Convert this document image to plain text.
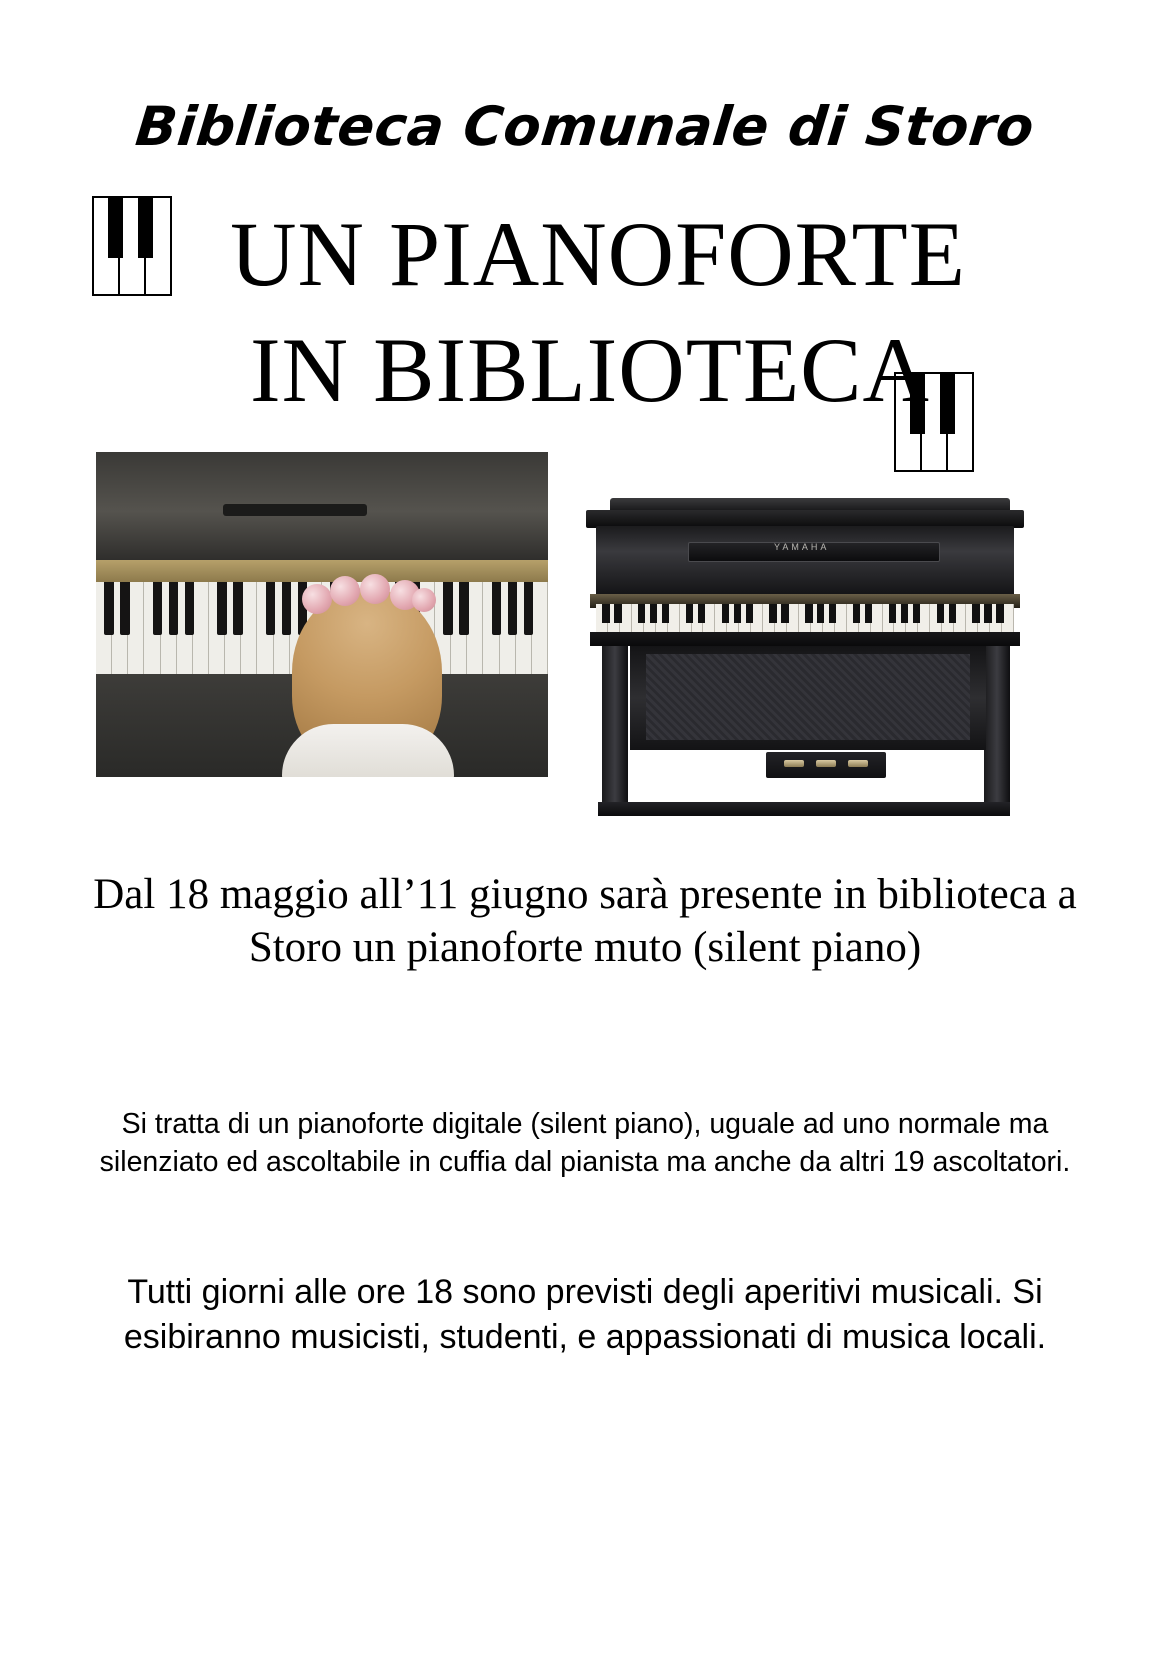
Biblioteca Comunale di Storo
UN PIANOFORTE
IN BIBLIOTECA
YAMAHA
Dal 18 maggio all’11 giugno sarà presente in biblioteca a Storo un pianoforte muto (silent piano)
Si tratta di un pianoforte digitale (silent piano), uguale ad uno normale ma silenziato ed ascoltabile in cuffia dal pianista ma anche da altri 19 ascoltatori.
Tutti giorni alle ore 18 sono previsti degli aperitivi musicali. Si esibiranno musicisti, studenti, e appassionati di musica locali.
